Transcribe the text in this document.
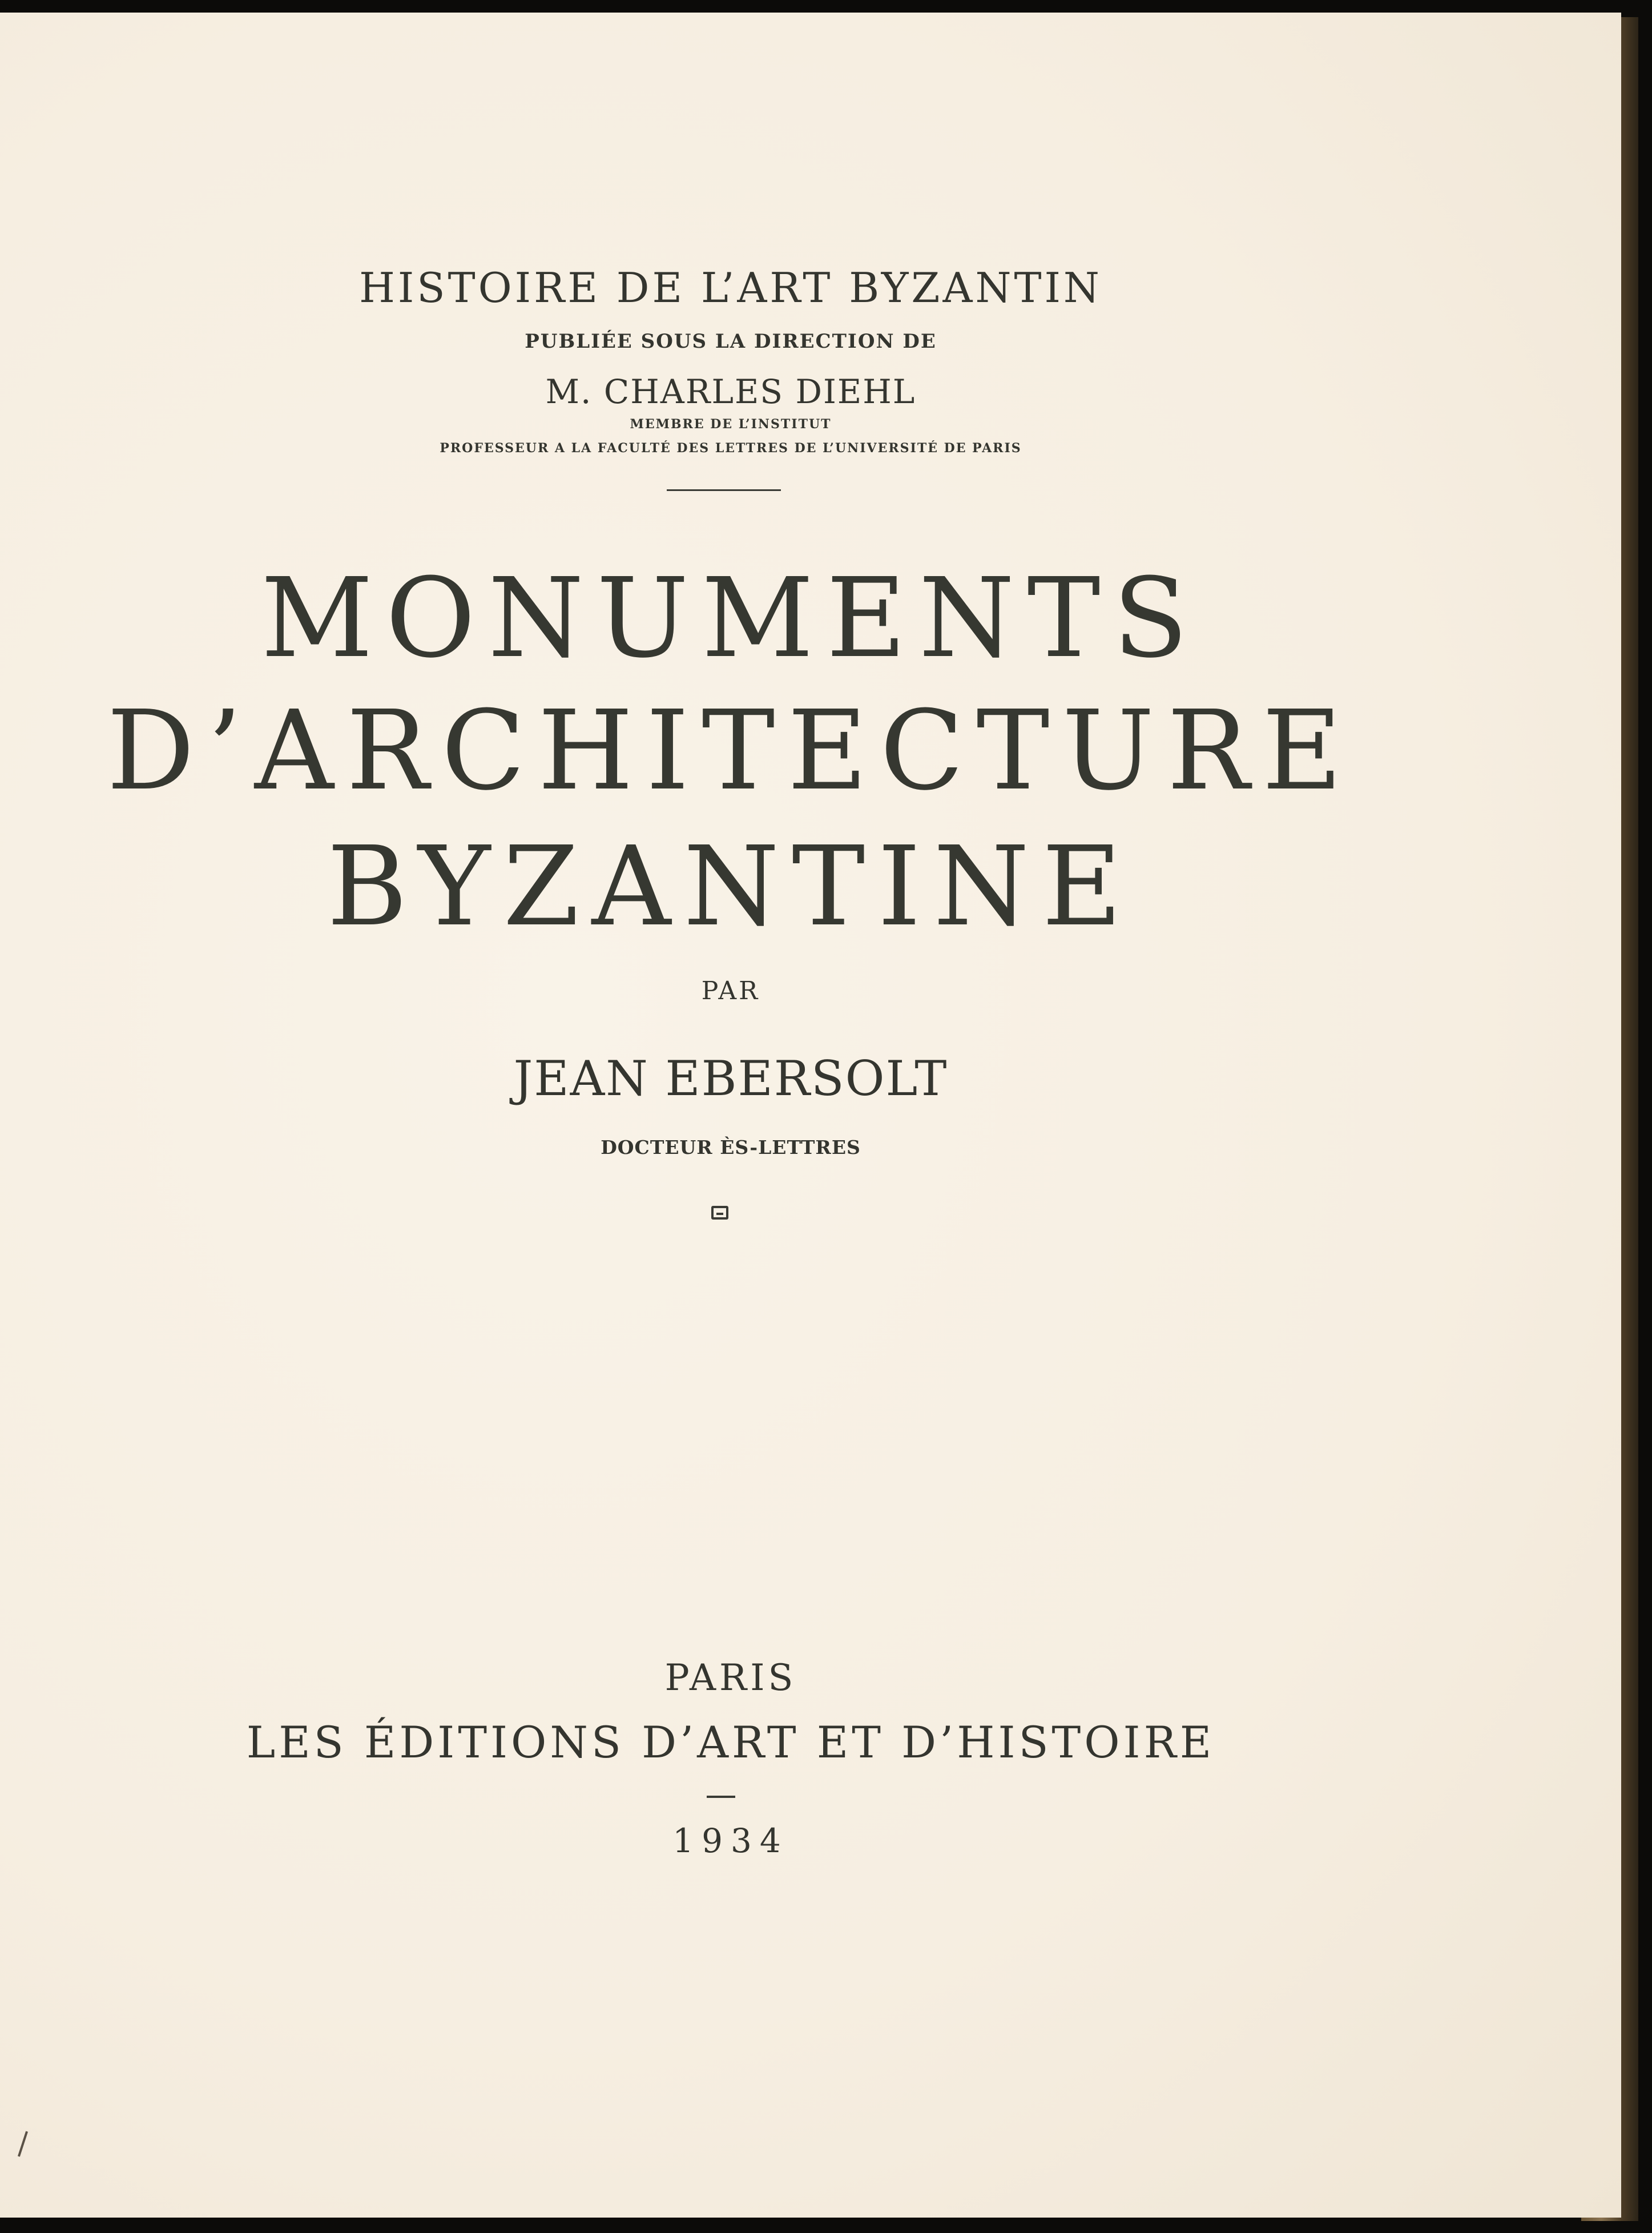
HISTOIRE DE L’ART BYZANTIN

PUBLIÉE SOUS LA DIRECTION DE

M. CHARLES DIEHL

MEMBRE DE L’INSTITUT

PROFESSEUR A LA FACULTÉ DES LETTRES DE L’UNIVERSITÉ DE PARIS

MONUMENTS
D’ARCHITECTURE
BYZANTINE

PAR

JEAN EBERSOLT

DOCTEUR ÈS-LETTRES

PARIS

LES ÉDITIONS D’ART ET D’HISTOIRE

1934
